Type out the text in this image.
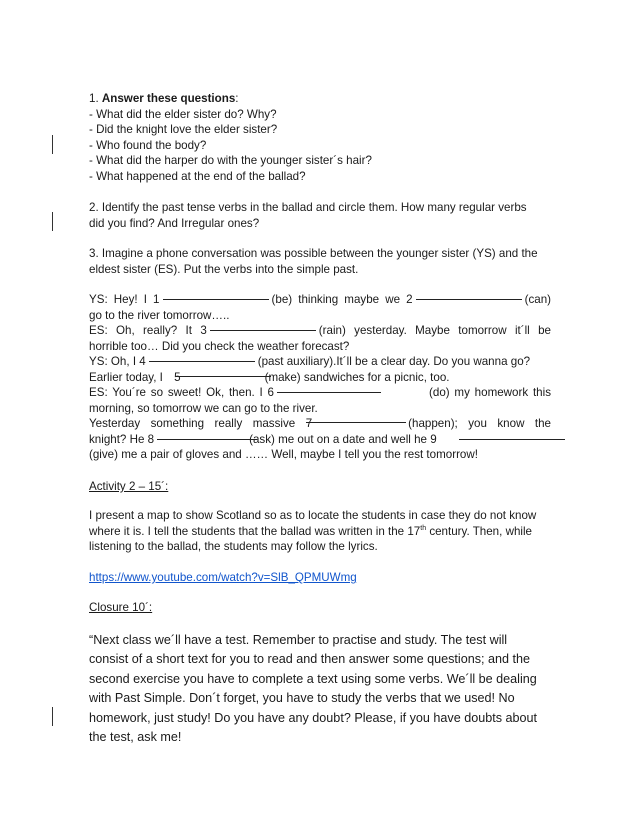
1. Answer these questions:
- What did the elder sister do? Why?
- Did the knight love the elder sister?
- Who found the body?
- What did the harper do with the younger sister´s hair?
- What happened at the end of the ballad?
2. Identify the past tense verbs in the ballad and circle them. How many regular verbs
did you find? And Irregular ones?
3. Imagine a phone conversation was possible between the younger sister (YS) and the
eldest sister (ES). Put the verbs into the simple past.
YS: Hey! I 1	(be) thinking maybe we 2	(can)
go to the river tomorrow…..
ES: Oh, really? It 3	(rain) yesterday. Maybe tomorrow it´ll be
horrible too… Did you check the weather forecast?
YS: Oh, I 4	(past auxiliary).It´ll be a clear day. Do you wanna go?
Earlier today, I 5	(make) sandwiches for a picnic, too.
ES: You´re so sweet! Ok, then. I 6	(do) my homework this
morning, so tomorrow we can go to the river.
Yesterday something really massive 7	(happen); you know the
knight? He 8	(ask) me out on a date and well he 9
(give) me a pair of gloves and …… Well, maybe I tell you the rest tomorrow!
Activity 2 – 15´:
I present a map to show Scotland so as to locate the students in case they do not know
where it is. I tell the students that the ballad was written in the 17th century. Then, while
listening to the ballad, the students may follow the lyrics.
https://www.youtube.com/watch?v=SlB_QPMUWmg
Closure 10´:
“Next class we´ll have a test. Remember to practise and study. The test will
consist of a short text for you to read and then answer some questions; and the
second exercise you have to complete a text using some verbs. We´ll be dealing
with Past Simple. Don´t forget, you have to study the verbs that we used! No
homework, just study! Do you have any doubt? Please, if you have doubts about
the test, ask me!
